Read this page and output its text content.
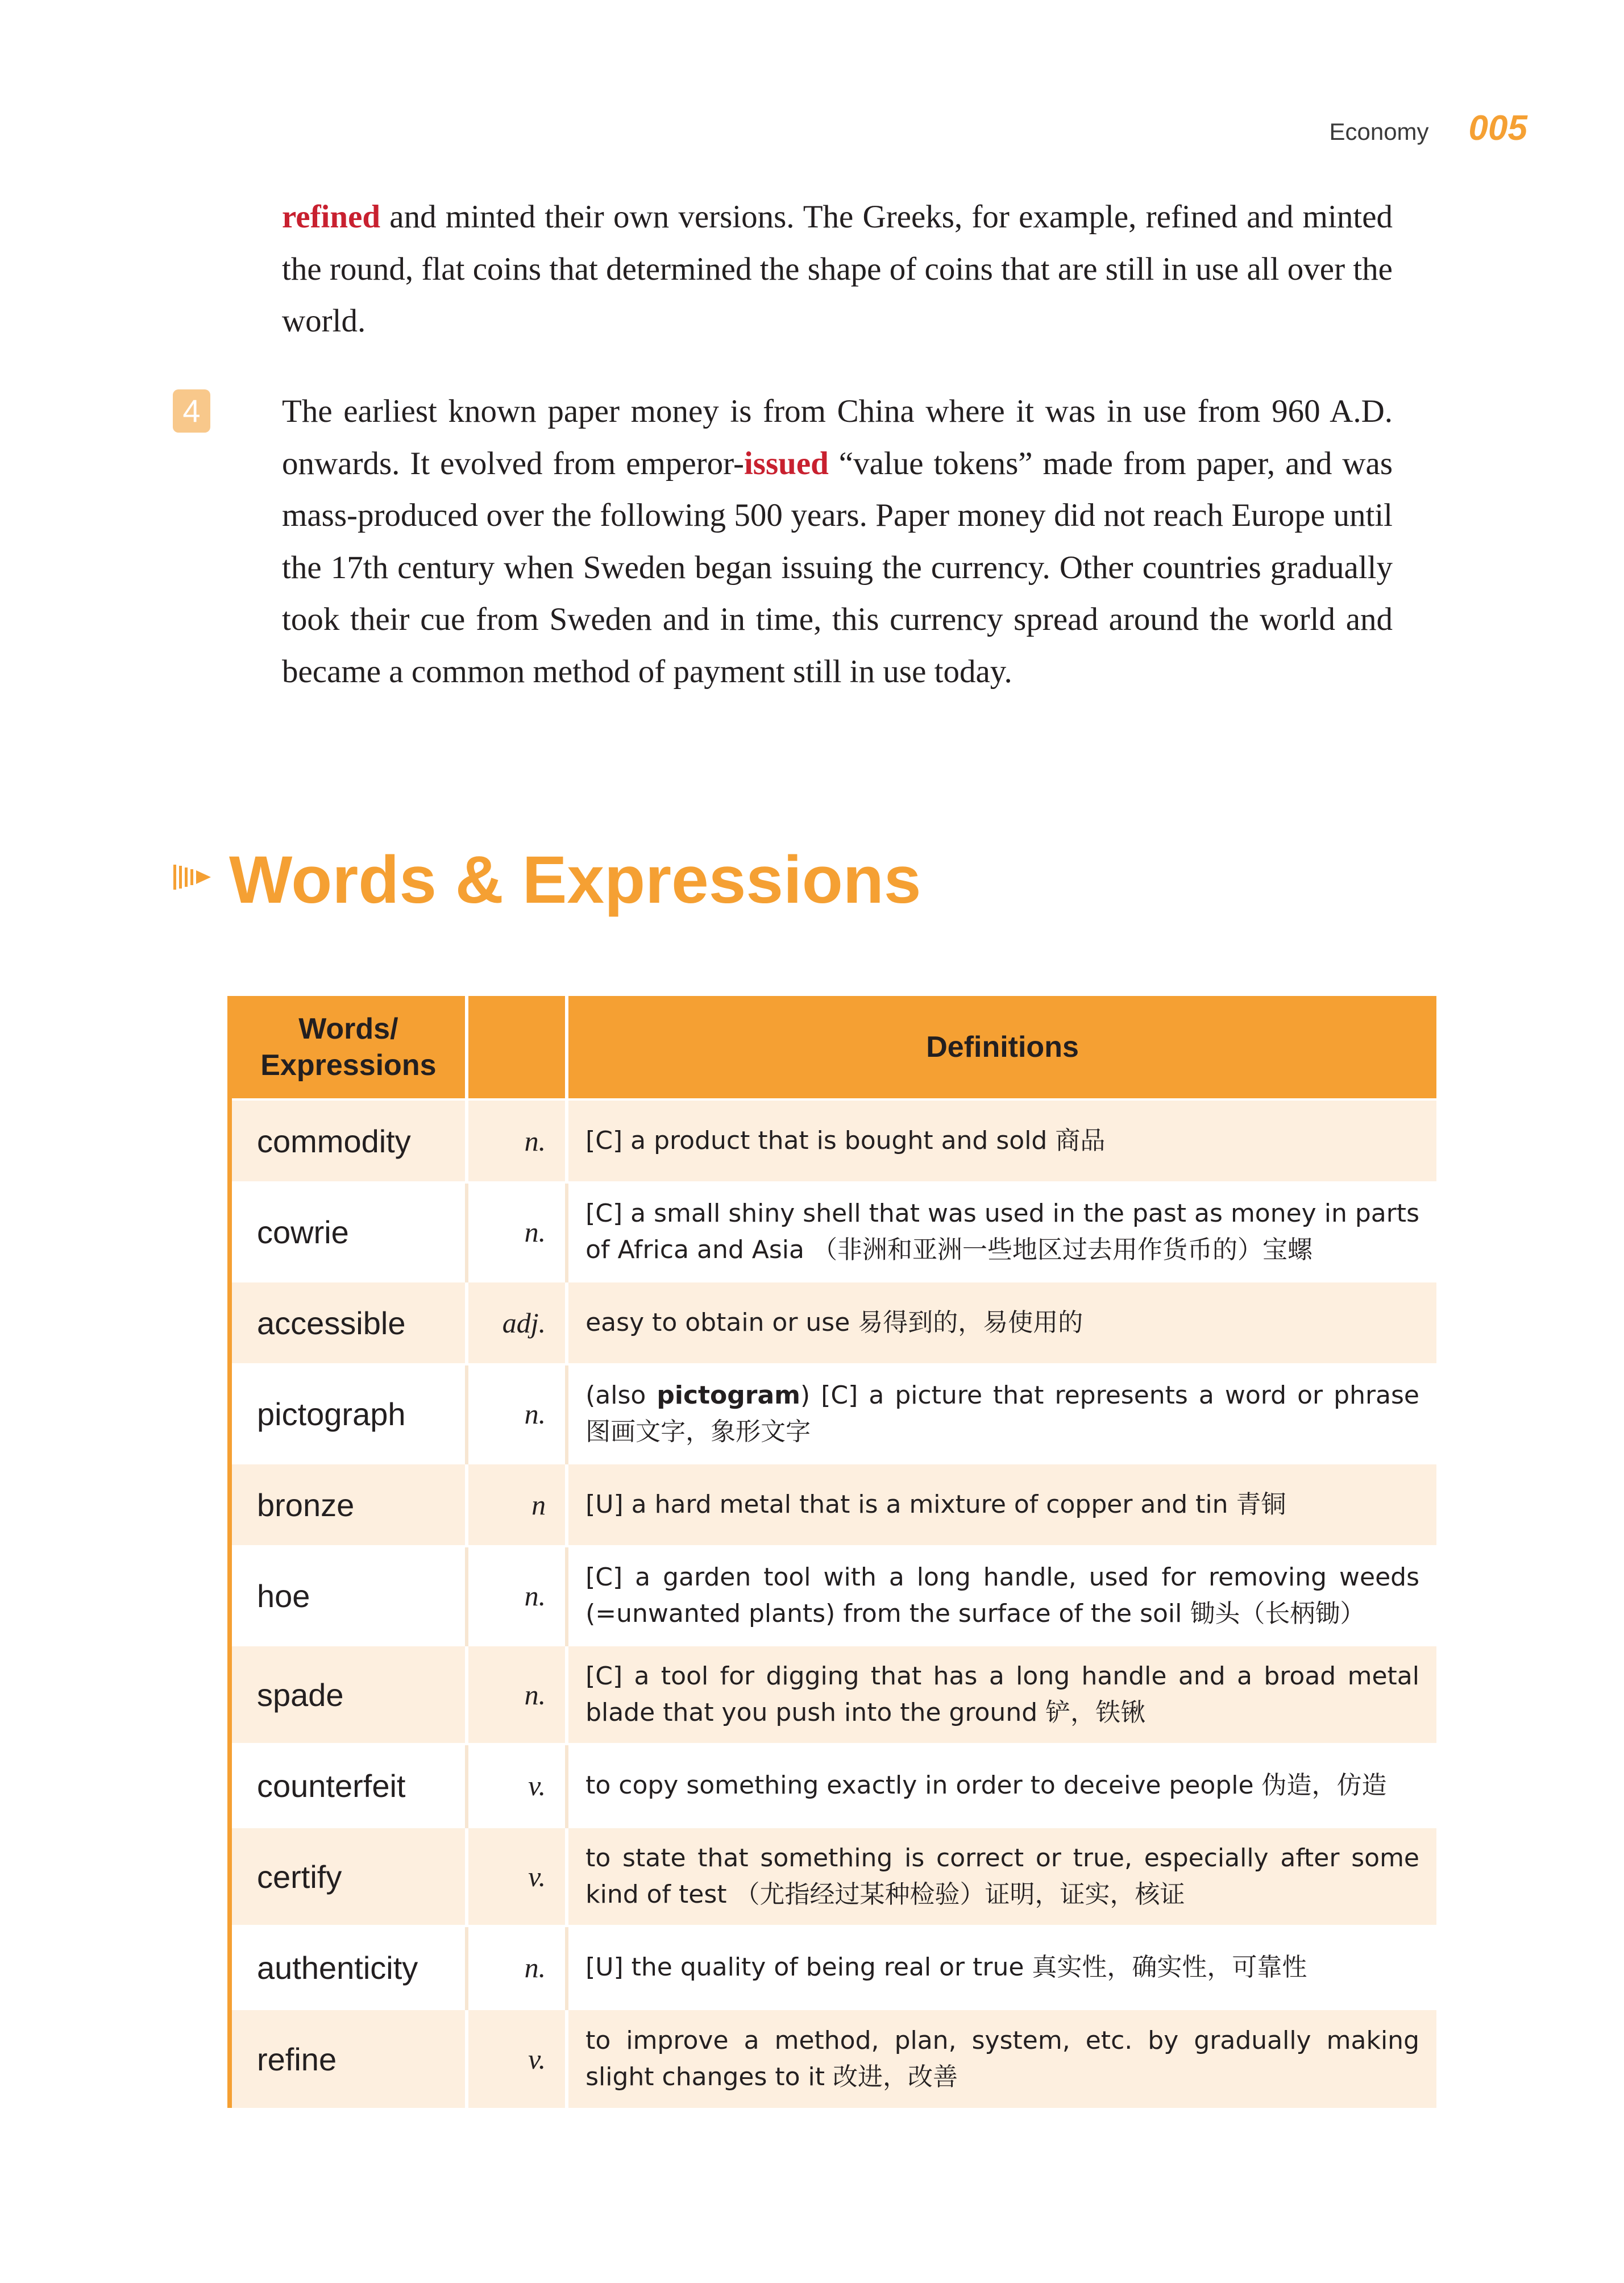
Economy 005

refined and minted their own versions. The Greeks, for example, refined and minted the round, flat coins that determined the shape of coins that are still in use all over the world.

4	The earliest known paper money is from China where it was in use from 960 A.D. onwards. It evolved from emperor-issued “value tokens” made from paper, and was mass-produced over the following 500 years. Paper money did not reach Europe until the 17th century when Sweden began issuing the currency. Other countries gradually took their cue from Sweden and in time, this currency spread around the world and became a common method of payment still in use today.

Words & Expressions
Words/ Expressions		Definitions
commodity	n.	[C] a product that is bought and sold 商品
cowrie	n.	[C] a small shiny shell that was used in the past as money in parts of Africa and Asia （非洲和亚洲一些地区过去用作货币的）宝螺
accessible	adj.	easy to obtain or use 易得到的，易使用的
pictograph	n.	(also pictogram) [C] a picture that represents a word or phrase 图画文字，象形文字
bronze	n	[U] a hard metal that is a mixture of copper and tin 青铜
hoe	n.	[C] a garden tool with a long handle, used for removing weeds (=unwanted plants) from the surface of the soil 锄头（长柄锄）
spade	n.	[C] a tool for digging that has a long handle and a broad metal blade that you push into the ground 铲，铁锹
counterfeit	v.	to copy something exactly in order to deceive people 伪造，仿造
certify	v.	to state that something is correct or true, especially after some kind of test （尤指经过某种检验）证明，证实，核证
authenticity	n.	[U] the quality of being real or true 真实性，确实性，可靠性
refine	v.	to improve a method, plan, system, etc. by gradually making slight changes to it 改进，改善
